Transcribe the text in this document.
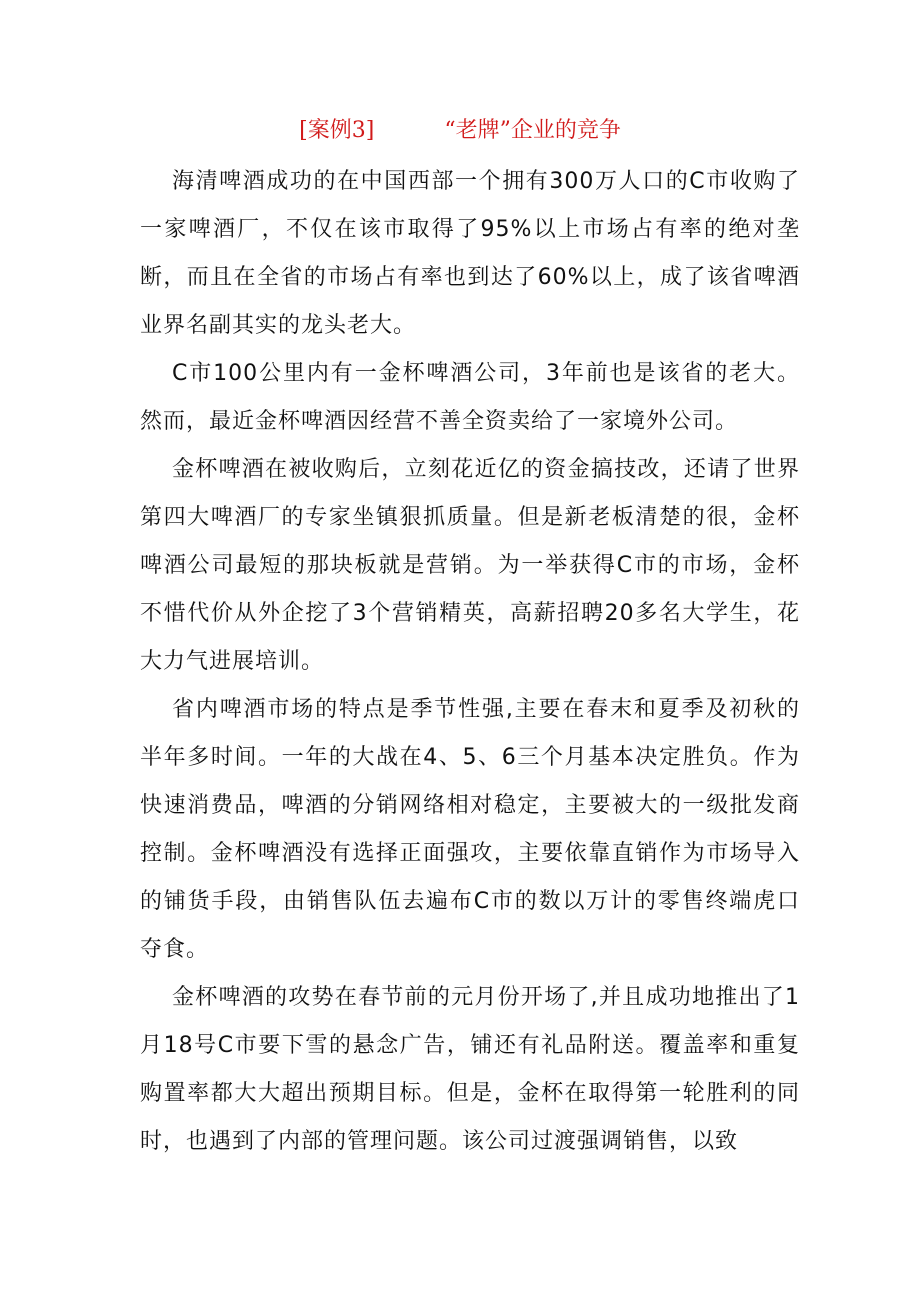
[案例3]	“老牌”企业的竞争

海清啤酒成功的在中国西部一个拥有300万人口的C市收购了一家啤酒厂，不仅在该市取得了95%以上市场占有率的绝对垄断，而且在全省的市场占有率也到达了60%以上，成了该省啤酒业界名副其实的龙头老大。

C市100公里内有一金杯啤酒公司，3年前也是该省的老大。然而，最近金杯啤酒因经营不善全资卖给了一家境外公司。

金杯啤酒在被收购后，立刻花近亿的资金搞技改，还请了世界第四大啤酒厂的专家坐镇狠抓质量。但是新老板清楚的很，金杯啤酒公司最短的那块板就是营销。为一举获得C市的市场，金杯不惜代价从外企挖了3个营销精英，高薪招聘20多名大学生，花大力气进展培训。

省内啤酒市场的特点是季节性强,主要在春末和夏季及初秋的半年多时间。一年的大战在4、5、6三个月基本决定胜负。作为快速消费品，啤酒的分销网络相对稳定，主要被大的一级批发商控制。金杯啤酒没有选择正面强攻，主要依靠直销作为市场导入的铺货手段，由销售队伍去遍布C市的数以万计的零售终端虎口夺食。

金杯啤酒的攻势在春节前的元月份开场了,并且成功地推出了1月18号C市要下雪的悬念广告，铺还有礼品附送。覆盖率和重复购置率都大大超出预期目标。但是，金杯在取得第一轮胜利的同时，也遇到了内部的管理问题。该公司过渡强调销售，以致
